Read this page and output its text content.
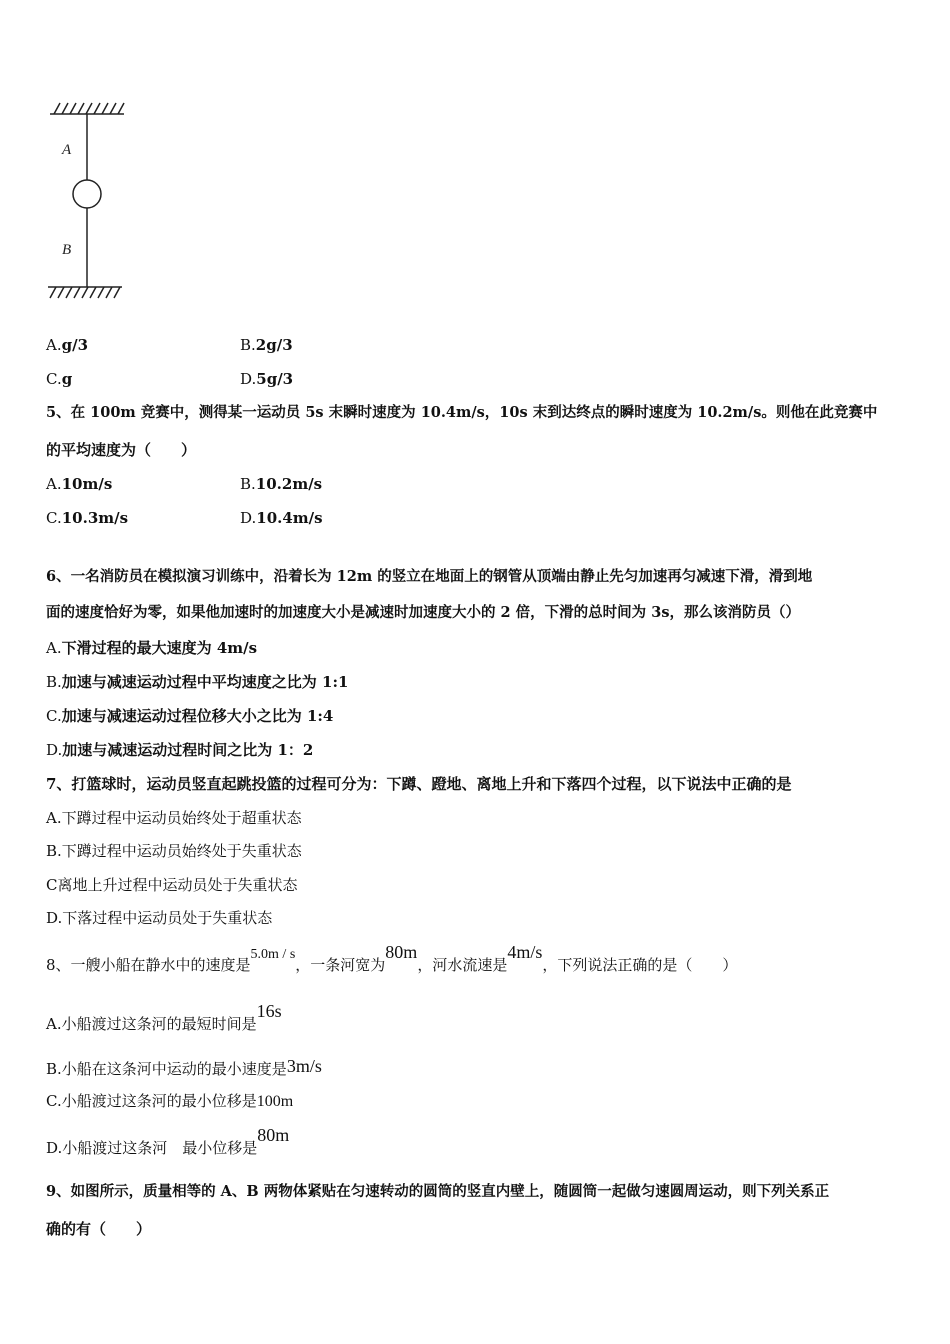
A
B
A.g/3	B.2g/3
C.g	D.5g/3
5、在 100m 竞赛中，测得某一运动员 5s 末瞬时速度为 10.4m/s，10s 末到达终点的瞬时速度为 10.2m/s。则他在此竞赛中
的平均速度为（　　）
A.10m/s	B.10.2m/s
C.10.3m/s	D.10.4m/s
6、一名消防员在模拟演习训练中，沿着长为 12m 的竖立在地面上的钢管从顶端由静止先匀加速再匀减速下滑，滑到地
面的速度恰好为零，如果他加速时的加速度大小是减速时加速度大小的 2 倍，下滑的总时间为 3s，那么该消防员（）
A.下滑过程的最大速度为 4m/s
B.加速与减速运动过程中平均速度之比为 1:1
C.加速与减速运动过程位移大小之比为 1:4
D.加速与减速运动过程时间之比为 1：2
7、打篮球时，运动员竖直起跳投篮的过程可分为：下蹲、蹬地、离地上升和下落四个过程，以下说法中正确的是
A.下蹲过程中运动员始终处于超重状态
B.下蹲过程中运动员始终处于失重状态
C离地上升过程中运动员处于失重状态
D.下落过程中运动员处于失重状态
8、一艘小船在静水中的速度是5.0m / s，一条河宽为80m，河水流速是4m/s，下列说法正确的是（　　）
A.小船渡过这条河的最短时间是16s
B.小船在这条河中运动的最小速度是3m/s
C.小船渡过这条河的最小位移是100m
D.小船渡过这条河　最小位移是80m
9、如图所示，质量相等的 A、B 两物体紧贴在匀速转动的圆筒的竖直内壁上，随圆筒一起做匀速圆周运动，则下列关系正
确的有（　　）
